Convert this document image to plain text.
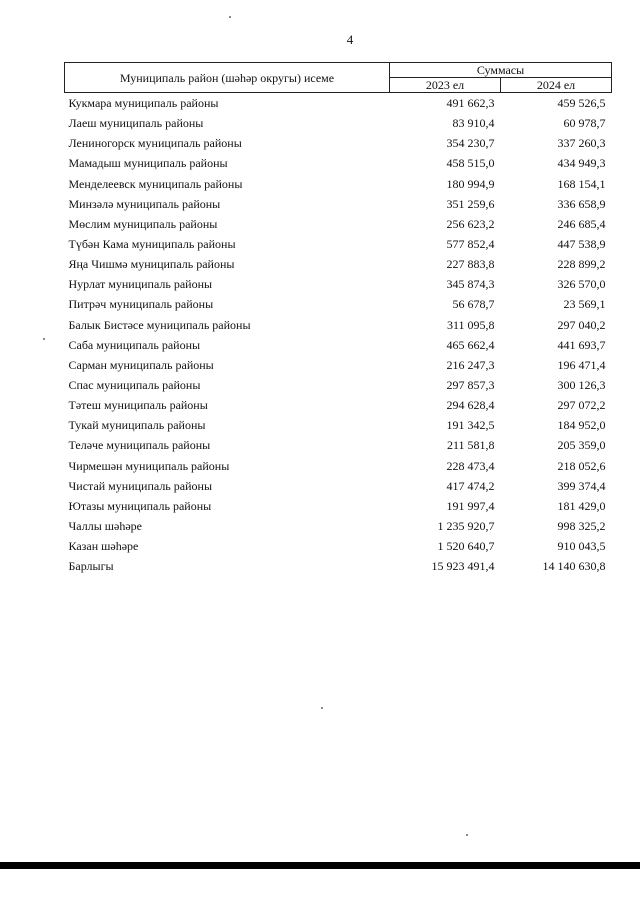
4
Муниципаль район (шәһәр округы) исеме	Суммасы	
	2023 ел	2024 ел
Кукмара муниципаль районы	491 662,3	459 526,5
Лаеш муниципаль районы	83 910,4	60 978,7
Лениногорск муниципаль районы	354 230,7	337 260,3
Мамадыш муниципаль районы	458 515,0	434 949,3
Менделеевск муниципаль районы	180 994,9	168 154,1
Минзәлә муниципаль районы	351 259,6	336 658,9
Мөслим муниципаль районы	256 623,2	246 685,4
Түбән Кама муниципаль районы	577 852,4	447 538,9
Яңа Чишмә муниципаль районы	227 883,8	228 899,2
Нурлат муниципаль районы	345 874,3	326 570,0
Питрәч муниципаль районы	56 678,7	23 569,1
Балык Бистәсе муниципаль районы	311 095,8	297 040,2
Саба муниципаль районы	465 662,4	441 693,7
Сарман муниципаль районы	216 247,3	196 471,4
Спас муниципаль районы	297 857,3	300 126,3
Тәтеш муниципаль районы	294 628,4	297 072,2
Тукай муниципаль районы	191 342,5	184 952,0
Теләче муниципаль районы	211 581,8	205 359,0
Чирмешән муниципаль районы	228 473,4	218 052,6
Чистай муниципаль районы	417 474,2	399 374,4
Ютазы муниципаль районы	191 997,4	181 429,0
Чаллы шәһәре	1 235 920,7	998 325,2
Казан шәһәре	1 520 640,7	910 043,5
Барлыгы	15 923 491,4	14 140 630,8
